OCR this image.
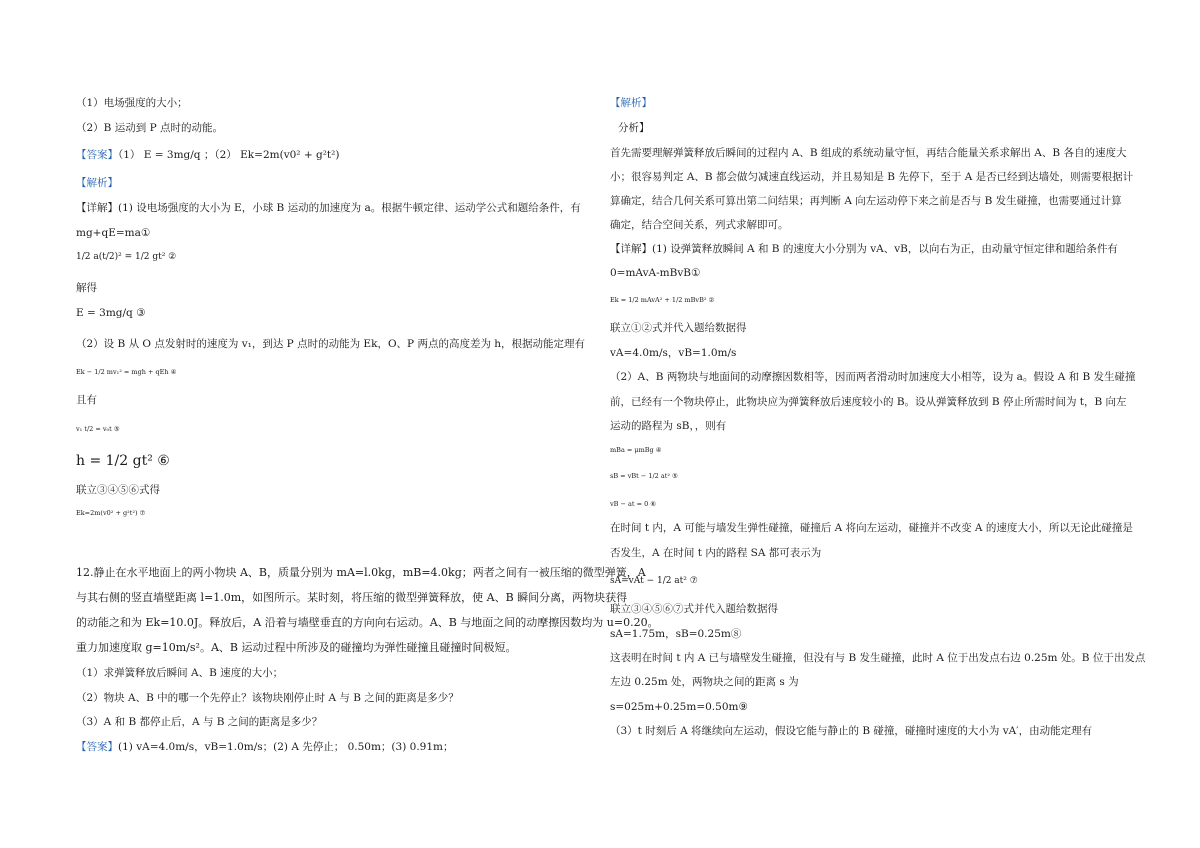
（1）电场强度的大小；
（2）B 运动到 P 点时的动能。
【答案】（1） E = 3mg/q ；（2） Ek=2m(v0² + g²t²)
【解析】
【详解】(1) 设电场强度的大小为 E，小球 B 运动的加速度为 a。根据牛顿定律、运动学公式和题给条件，有
mg+qE=ma①
1/2 a(t/2)² = 1/2 gt² ②
解得
E = 3mg/q ③
（2）设 B 从 O 点发射时的速度为 v₁，到达 P 点时的动能为 Ek，O、P 两点的高度差为 h，根据动能定理有
Ek − 1/2 mv₁² = mgh + qEh ④
且有
v₁ t/2 = v₀t ⑤
h = 1/2 gt² ⑥
联立③④⑤⑥式得
Ek=2m(v0² + g²t²) ⑦
12.静止在水平地面上的两小物块 A、B，质量分别为 mA=l.0kg，mB=4.0kg；两者之间有一被压缩的微型弹簧，A
与其右侧的竖直墙壁距离 l=1.0m，如图所示。某时刻，将压缩的微型弹簧释放，使 A、B 瞬间分离，两物块获得
的动能之和为 Ek=10.0J。释放后，A 沿着与墙壁垂直的方向向右运动。A、B 与地面之间的动摩擦因数均为 u=0.20。
重力加速度取 g=10m/s²。A、B 运动过程中所涉及的碰撞均为弹性碰撞且碰撞时间极短。
（1）求弹簧释放后瞬间 A、B 速度的大小；
（2）物块 A、B 中的哪一个先停止？该物块刚停止时 A 与 B 之间的距离是多少？
（3）A 和 B 都停止后，A 与 B 之间的距离是多少？
【答案】(1) vA=4.0m/s，vB=1.0m/s；(2) A 先停止； 0.50m；(3) 0.91m；
【解析】
分析】
首先需要理解弹簧释放后瞬间的过程内 A、B 组成的系统动量守恒，再结合能量关系求解出 A、B 各自的速度大
小；很容易判定 A、B 都会做匀减速直线运动，并且易知是 B 先停下，至于 A 是否已经到达墙处，则需要根据计
算确定，结合几何关系可算出第二问结果；再判断 A 向左运动停下来之前是否与 B 发生碰撞，也需要通过计算
确定，结合空间关系，列式求解即可。
【详解】(1) 设弹簧释放瞬间 A 和 B 的速度大小分别为 vA、vB，以向右为正，由动量守恒定律和题给条件有
0=mAvA-mBvB①
Ek = 1/2 mAvA² + 1/2 mBvB² ②
联立①②式并代入题给数据得
vA=4.0m/s，vB=1.0m/s
（2）A、B 两物块与地面间的动摩擦因数相等，因而两者滑动时加速度大小相等，设为 a。假设 A 和 B 发生碰撞
前，已经有一个物块停止，此物块应为弹簧释放后速度较小的 B。设从弹簧释放到 B 停止所需时间为 t，B 向左
运动的路程为 sB，，则有
mBa = μmBg ④
sB = vBt − 1/2 at² ⑤
vB − at = 0 ⑥
在时间 t 内，A 可能与墙发生弹性碰撞，碰撞后 A 将向左运动，碰撞并不改变 A 的速度大小，所以无论此碰撞是
否发生，A 在时间 t 内的路程 SA 都可表示为
sA=vAt − 1/2 at² ⑦
联立③④⑤⑥⑦式并代入题给数据得
sA=1.75m，sB=0.25m⑧
这表明在时间 t 内 A 已与墙壁发生碰撞，但没有与 B 发生碰撞，此时 A 位于出发点右边 0.25m 处。B 位于出发点
左边 0.25m 处，两物块之间的距离 s 为
s=025m+0.25m=0.50m⑨
（3）t 时刻后 A 将继续向左运动，假设它能与静止的 B 碰撞，碰撞时速度的大小为 vA′，由动能定理有
